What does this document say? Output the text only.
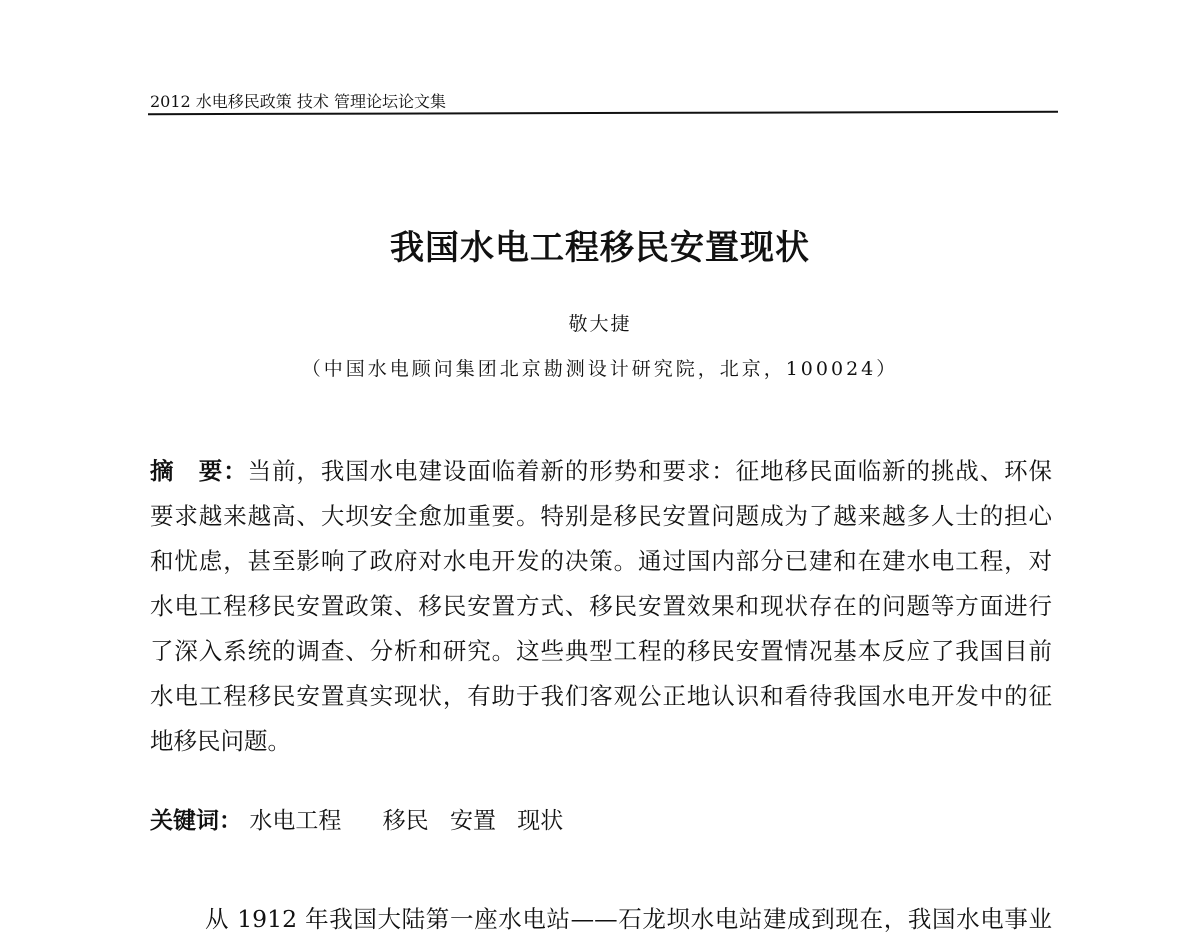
2012 水电移民政策 技术 管理论坛论文集
我国水电工程移民安置现状
敬大捷
（中国水电顾问集团北京勘测设计研究院，北京，100024）
摘　要：当前，我国水电建设面临着新的形势和要求：征地移民面临新的挑战、环保
要求越来越高、大坝安全愈加重要。特别是移民安置问题成为了越来越多人士的担心
和忧虑，甚至影响了政府对水电开发的决策。通过国内部分已建和在建水电工程，对
水电工程移民安置政策、移民安置方式、移民安置效果和现状存在的问题等方面进行
了深入系统的调查、分析和研究。这些典型工程的移民安置情况基本反应了我国目前
水电工程移民安置真实现状，有助于我们客观公正地认识和看待我国水电开发中的征
地移民问题。
关键词： 水电工程 移民 安置 现状
从 1912 年我国大陆第一座水电站——石龙坝水电站建成到现在，我国水电事业
